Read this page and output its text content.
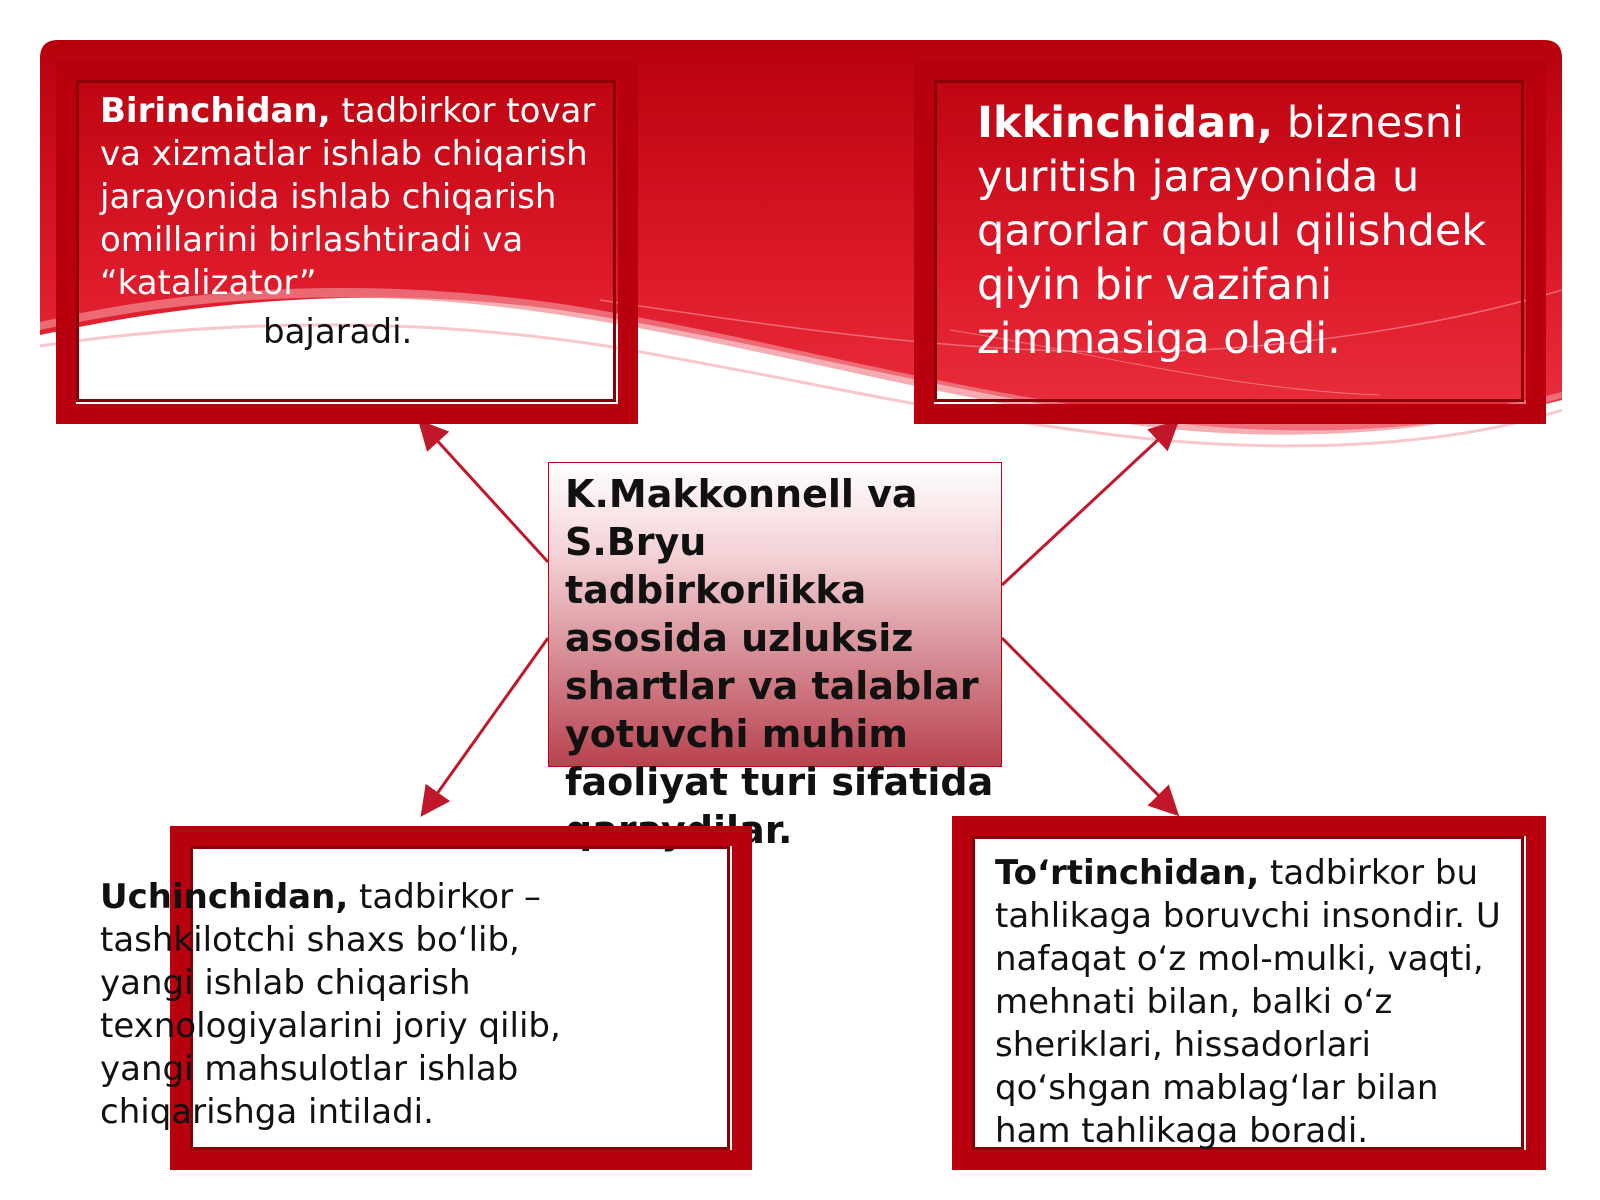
Birinchidan, tadbirkor tovar va xizmatlar ishlab chiqarish jarayonida ishlab chiqarish omillarini birlashtiradi va “katalizator”
bajaradi.
Ikkinchidan, biznesni yuritish jarayonida u qarorlar qabul qilishdek qiyin bir vazifani zimmasiga oladi.
K.Makkonnell va S.Bryu tadbirkorlikka asosida uzluksiz shartlar va talablar yotuvchi muhim faoliyat turi sifatida qaraydilar.
Uchinchidan, tadbirkor – tashkilotchi shaxs bo‘lib, yangi ishlab chiqarish texnologiyalarini joriy qilib, yangi mahsulotlar ishlab chiqarishga intiladi.
To‘rtinchidan, tadbirkor bu tahlikaga boruvchi insondir. U nafaqat o‘z mol-mulki, vaqti, mehnati bilan, balki o‘z sheriklari, hissadorlari qo‘shgan mablag‘lar bilan ham tahlikaga boradi.
